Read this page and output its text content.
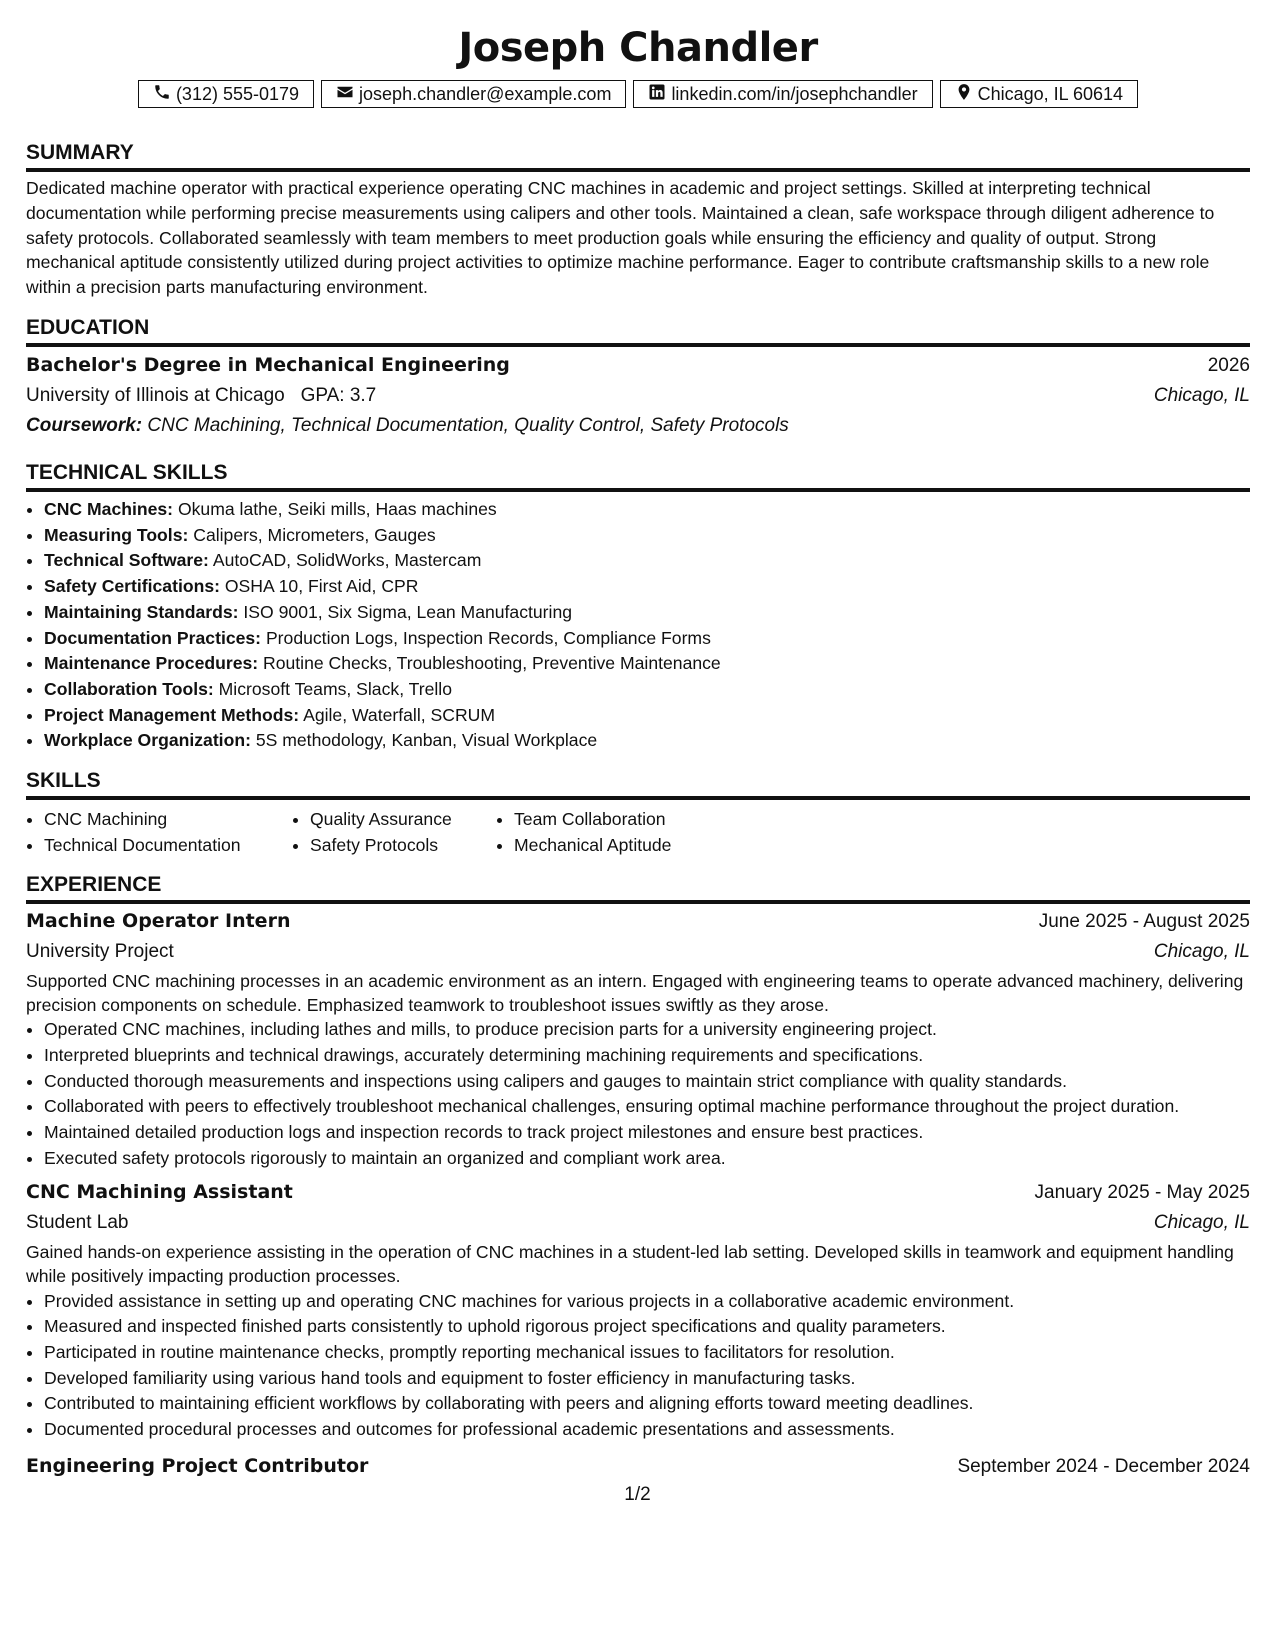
Joseph Chandler
(312) 555-0179	joseph.chandler@example.com	linkedin.com/in/josephchandler	Chicago, IL 60614
SUMMARY
Dedicated machine operator with practical experience operating CNC machines in academic and project settings. Skilled at interpreting technical documentation while performing precise measurements using calipers and other tools. Maintained a clean, safe workspace through diligent adherence to safety protocols. Collaborated seamlessly with team members to meet production goals while ensuring the efficiency and quality of output. Strong mechanical aptitude consistently utilized during project activities to optimize machine performance. Eager to contribute craftsmanship skills to a new role within a precision parts manufacturing environment.
EDUCATION
Bachelor's Degree in Mechanical Engineering	2026
University of Illinois at Chicago GPA: 3.7	Chicago, IL
Coursework: CNC Machining, Technical Documentation, Quality Control, Safety Protocols
TECHNICAL SKILLS
• CNC Machines: Okuma lathe, Seiki mills, Haas machines
• Measuring Tools: Calipers, Micrometers, Gauges
• Technical Software: AutoCAD, SolidWorks, Mastercam
• Safety Certifications: OSHA 10, First Aid, CPR
• Maintaining Standards: ISO 9001, Six Sigma, Lean Manufacturing
• Documentation Practices: Production Logs, Inspection Records, Compliance Forms
• Maintenance Procedures: Routine Checks, Troubleshooting, Preventive Maintenance
• Collaboration Tools: Microsoft Teams, Slack, Trello
• Project Management Methods: Agile, Waterfall, SCRUM
• Workplace Organization: 5S methodology, Kanban, Visual Workplace
SKILLS
• CNC Machining
• Technical Documentation
• Quality Assurance
• Safety Protocols
• Team Collaboration
• Mechanical Aptitude
EXPERIENCE
Machine Operator Intern	June 2025 - August 2025
University Project	Chicago, IL
Supported CNC machining processes in an academic environment as an intern. Engaged with engineering teams to operate advanced machinery, delivering precision components on schedule. Emphasized teamwork to troubleshoot issues swiftly as they arose.
• Operated CNC machines, including lathes and mills, to produce precision parts for a university engineering project.
• Interpreted blueprints and technical drawings, accurately determining machining requirements and specifications.
• Conducted thorough measurements and inspections using calipers and gauges to maintain strict compliance with quality standards.
• Collaborated with peers to effectively troubleshoot mechanical challenges, ensuring optimal machine performance throughout the project duration.
• Maintained detailed production logs and inspection records to track project milestones and ensure best practices.
• Executed safety protocols rigorously to maintain an organized and compliant work area.
CNC Machining Assistant	January 2025 - May 2025
Student Lab	Chicago, IL
Gained hands-on experience assisting in the operation of CNC machines in a student-led lab setting. Developed skills in teamwork and equipment handling while positively impacting production processes.
• Provided assistance in setting up and operating CNC machines for various projects in a collaborative academic environment.
• Measured and inspected finished parts consistently to uphold rigorous project specifications and quality parameters.
• Participated in routine maintenance checks, promptly reporting mechanical issues to facilitators for resolution.
• Developed familiarity using various hand tools and equipment to foster efficiency in manufacturing tasks.
• Contributed to maintaining efficient workflows by collaborating with peers and aligning efforts toward meeting deadlines.
• Documented procedural processes and outcomes for professional academic presentations and assessments.
Engineering Project Contributor	September 2024 - December 2024
1/2
